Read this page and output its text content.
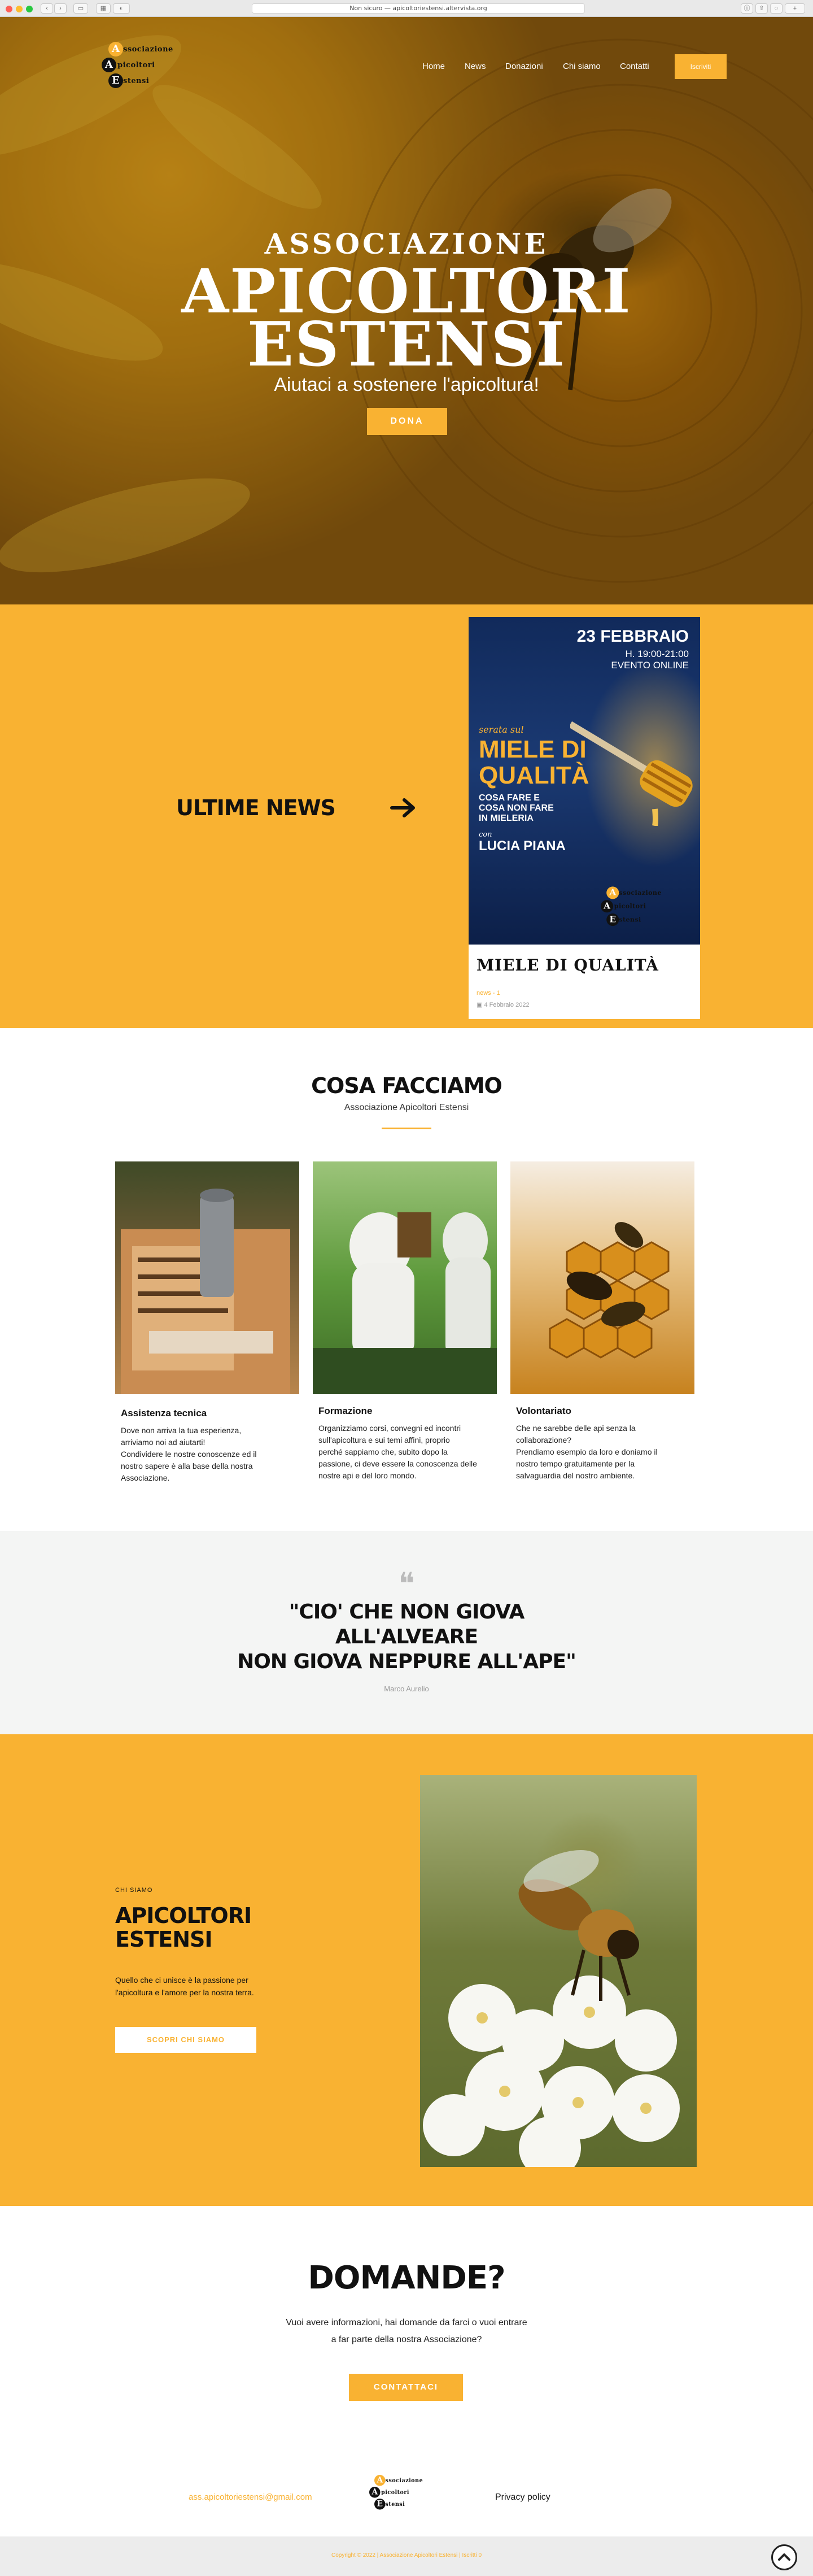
‹	›	▭	▦	◐	Non sicuro — apicoltoriestensi.altervista.org	ⓘ	⇧	◌	+
A ssociazione
A picoltori
E stensi
Home News Donazioni Chi siamo Contatti	Iscriviti
ASSOCIAZIONE
APICOLTORI
ESTENSI
Aiutaci a sostenere l'apicoltura!
DONA
ULTIME NEWS
23 FEBBRAIO
H. 19:00-21:00
EVENTO ONLINE
serata sul
MIELE DI
QUALITÀ
COSA FARE E
COSA NON FARE
IN MIELERIA
con
LUCIA PIANA
A ssociazione
A picoltori
E stensi
MIELE DI QUALITÀ
news - 1
▣ 4 Febbraio 2022
COSA FACCIAMO
Associazione Apicoltori Estensi
Assistenza tecnica
Dove non arriva la tua esperienza,
arriviamo noi ad aiutarti!
Condividere le nostre conoscenze ed il
nostro sapere è alla base della nostra
Associazione.
Formazione
Organizziamo corsi, convegni ed incontri
sull'apicoltura e sui temi affini, proprio
perché sappiamo che, subito dopo la
passione, ci deve essere la conoscenza delle
nostre api e del loro mondo.
Volontariato
Che ne sarebbe delle api senza la
collaborazione?
Prendiamo esempio da loro e doniamo il
nostro tempo gratuitamente per la
salvaguardia del nostro ambiente.
❝
"CIO' CHE NON GIOVA
ALL'ALVEARE
NON GIOVA NEPPURE ALL'APE"
Marco Aurelio
CHI SIAMO
APICOLTORI
ESTENSI
Quello che ci unisce è la passione per
l'apicoltura e l'amore per la nostra terra.
SCOPRI CHI SIAMO
DOMANDE?
Vuoi avere informazioni, hai domande da farci o vuoi entrare
a far parte della nostra Associazione?
CONTATTACI
ass.apicoltoriestensi@gmail.com
A ssociazione
A picoltori
E stensi
Privacy policy
Copyright © 2022 | Associazione Apicoltori Estensi | Iscritti 0
